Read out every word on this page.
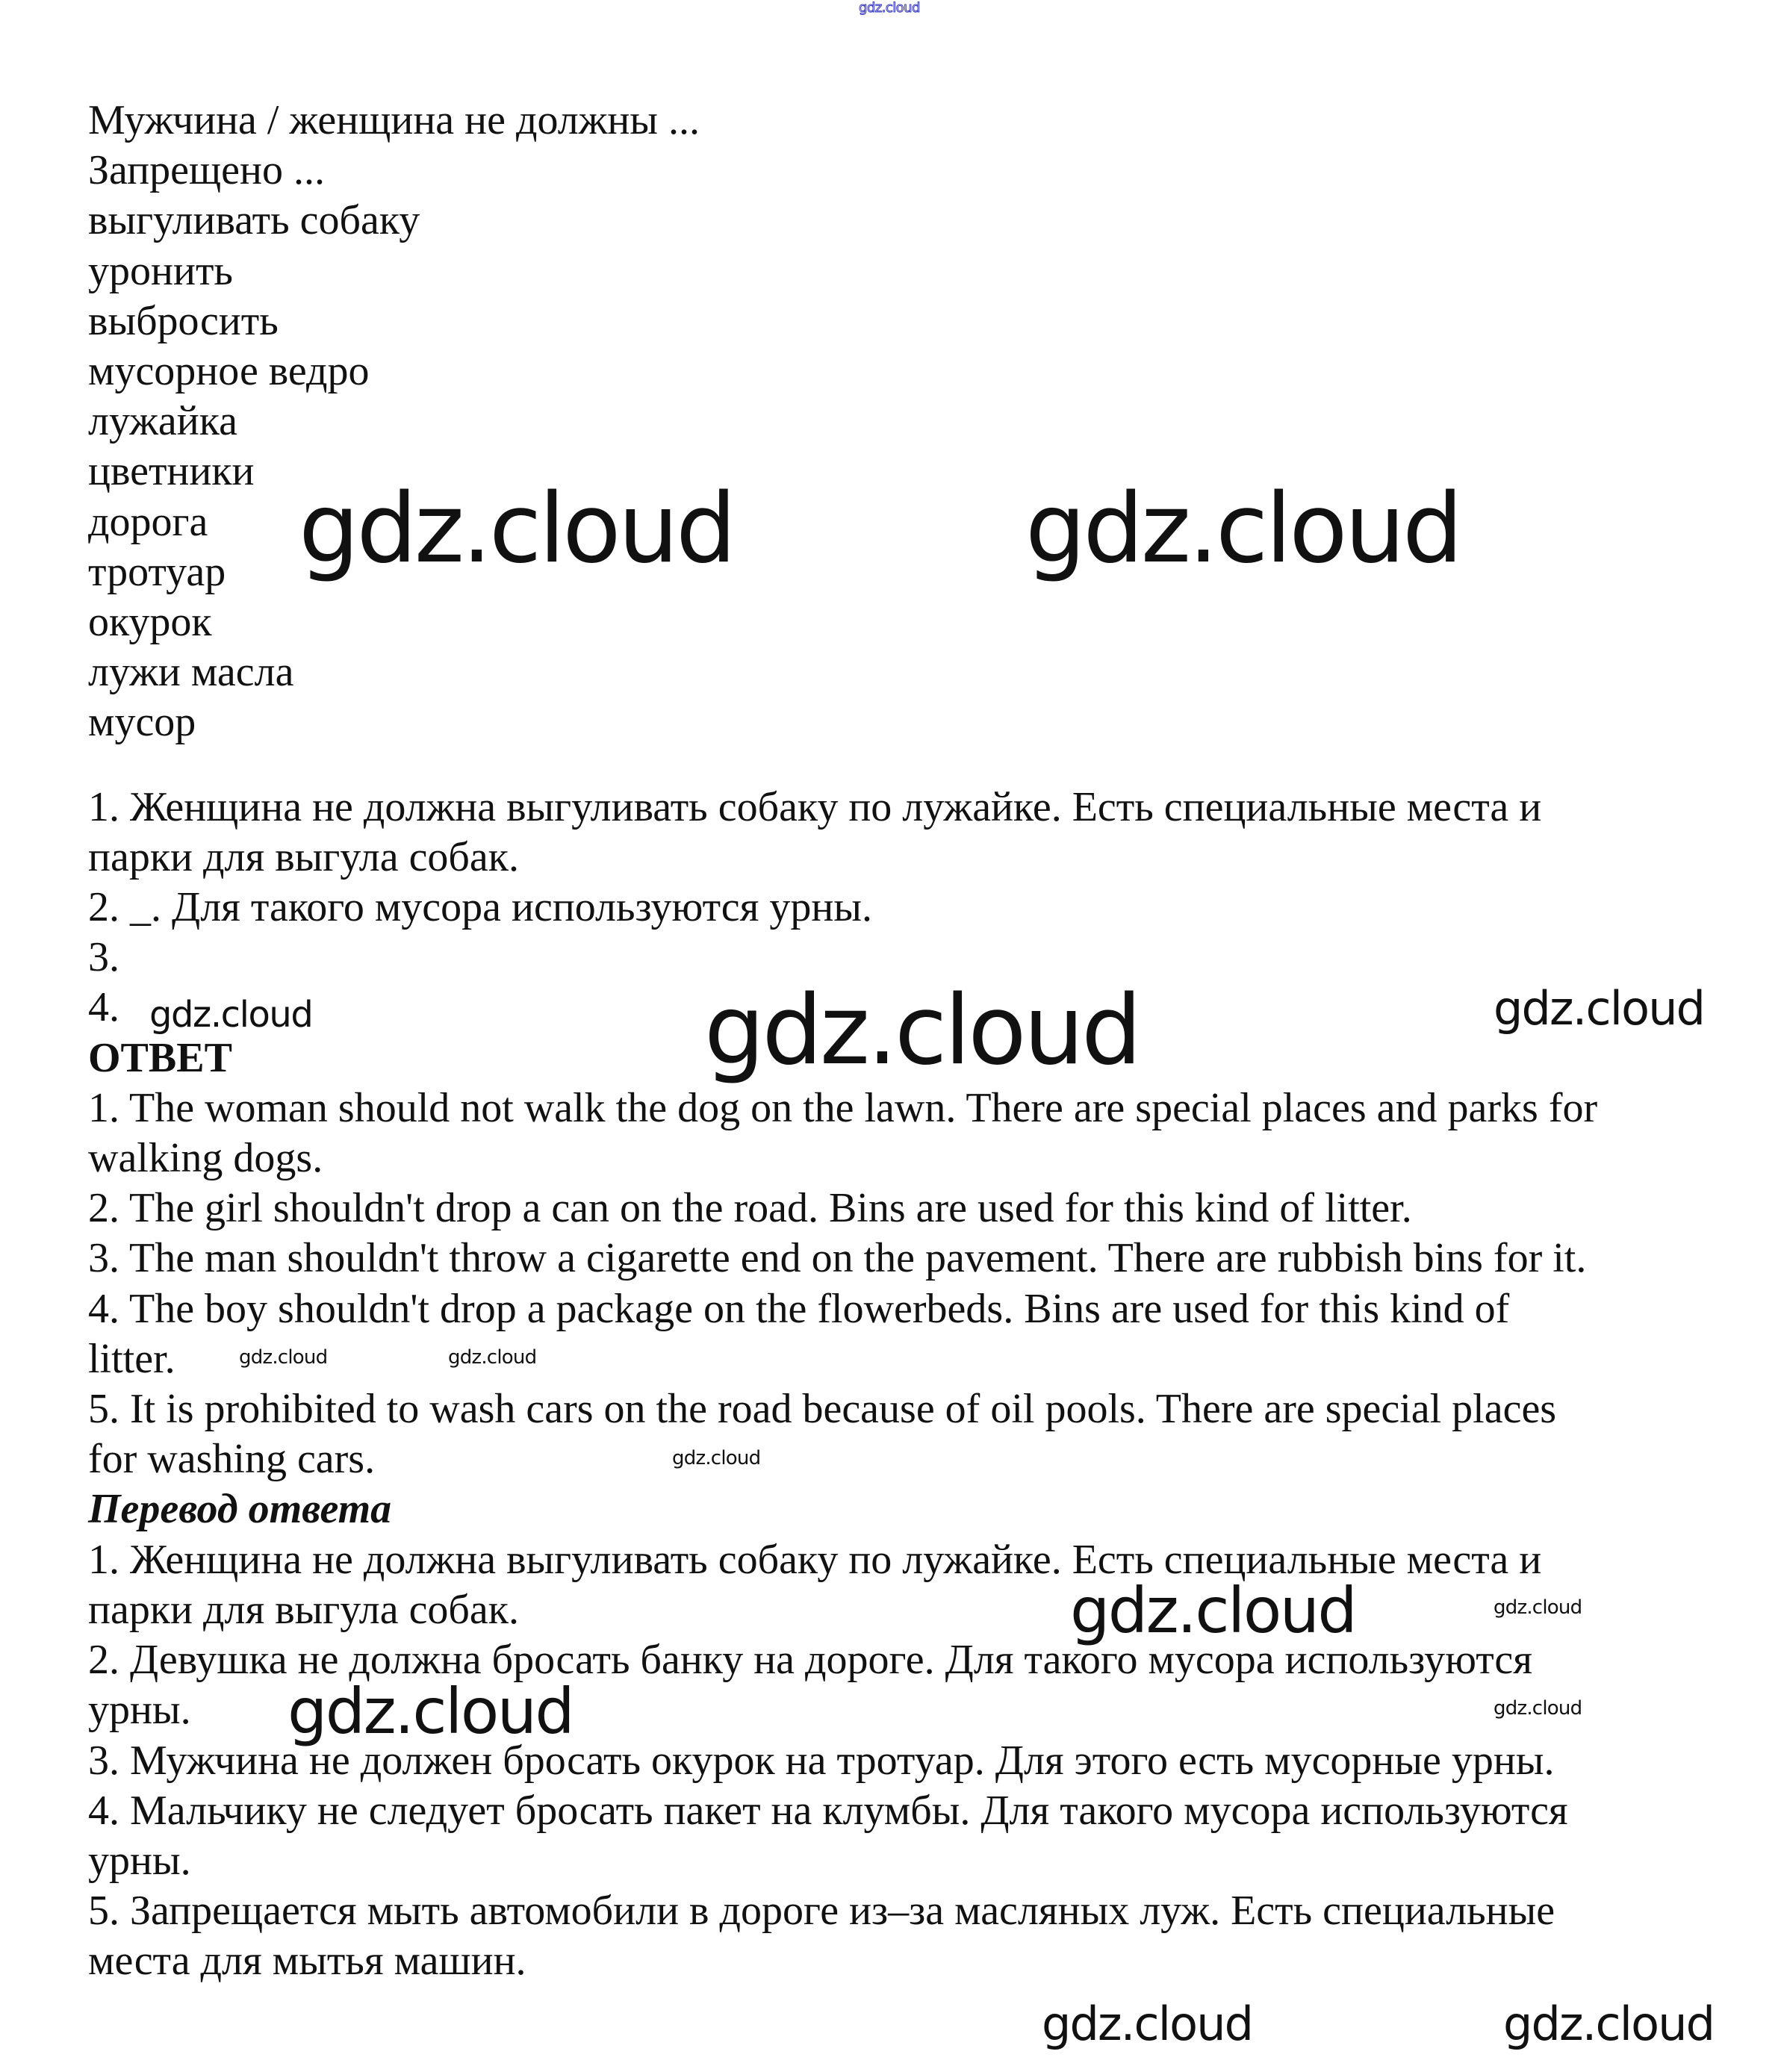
Мужчина / женщина не должны ...
Запрещено ...
выгуливать собаку
уронить
выбросить
мусорное ведро
лужайка
цветники
дорога
тротуар
окурок
лужи масла
мусор
1. Женщина не должна выгуливать собаку по лужайке. Есть специальные места и
парки для выгула собак.
2. _. Для такого мусора используются урны.
3.
4.
ОТВЕТ
1. The woman should not walk the dog on the lawn. There are special places and parks for
walking dogs.
2. The girl shouldn't drop a can on the road. Bins are used for this kind of litter.
3. The man shouldn't throw a cigarette end on the pavement. There are rubbish bins for it.
4. The boy shouldn't drop a package on the flowerbeds. Bins are used for this kind of
litter.
5. It is prohibited to wash cars on the road because of oil pools. There are special places
for washing cars.
Перевод ответа
1. Женщина не должна выгуливать собаку по лужайке. Есть специальные места и
парки для выгула собак.
2. Девушка не должна бросать банку на дороге. Для такого мусора используются
урны.
3. Мужчина не должен бросать окурок на тротуар. Для этого есть мусорные урны.
4. Мальчику не следует бросать пакет на клумбы. Для такого мусора используются
урны.
5. Запрещается мыть автомобили в дороге из–за масляных луж. Есть специальные
места для мытья машин.
gdz.cloud
gdz.cloud	gdz.cloud
gdz.cloud
gdz.cloud	gdz.cloud
gdz.cloud
gdz.cloud
gdz.cloud
gdz.cloud
gdz.cloud
gdz.cloud
gdz.cloud
gdz.cloud	gdz.cloud
